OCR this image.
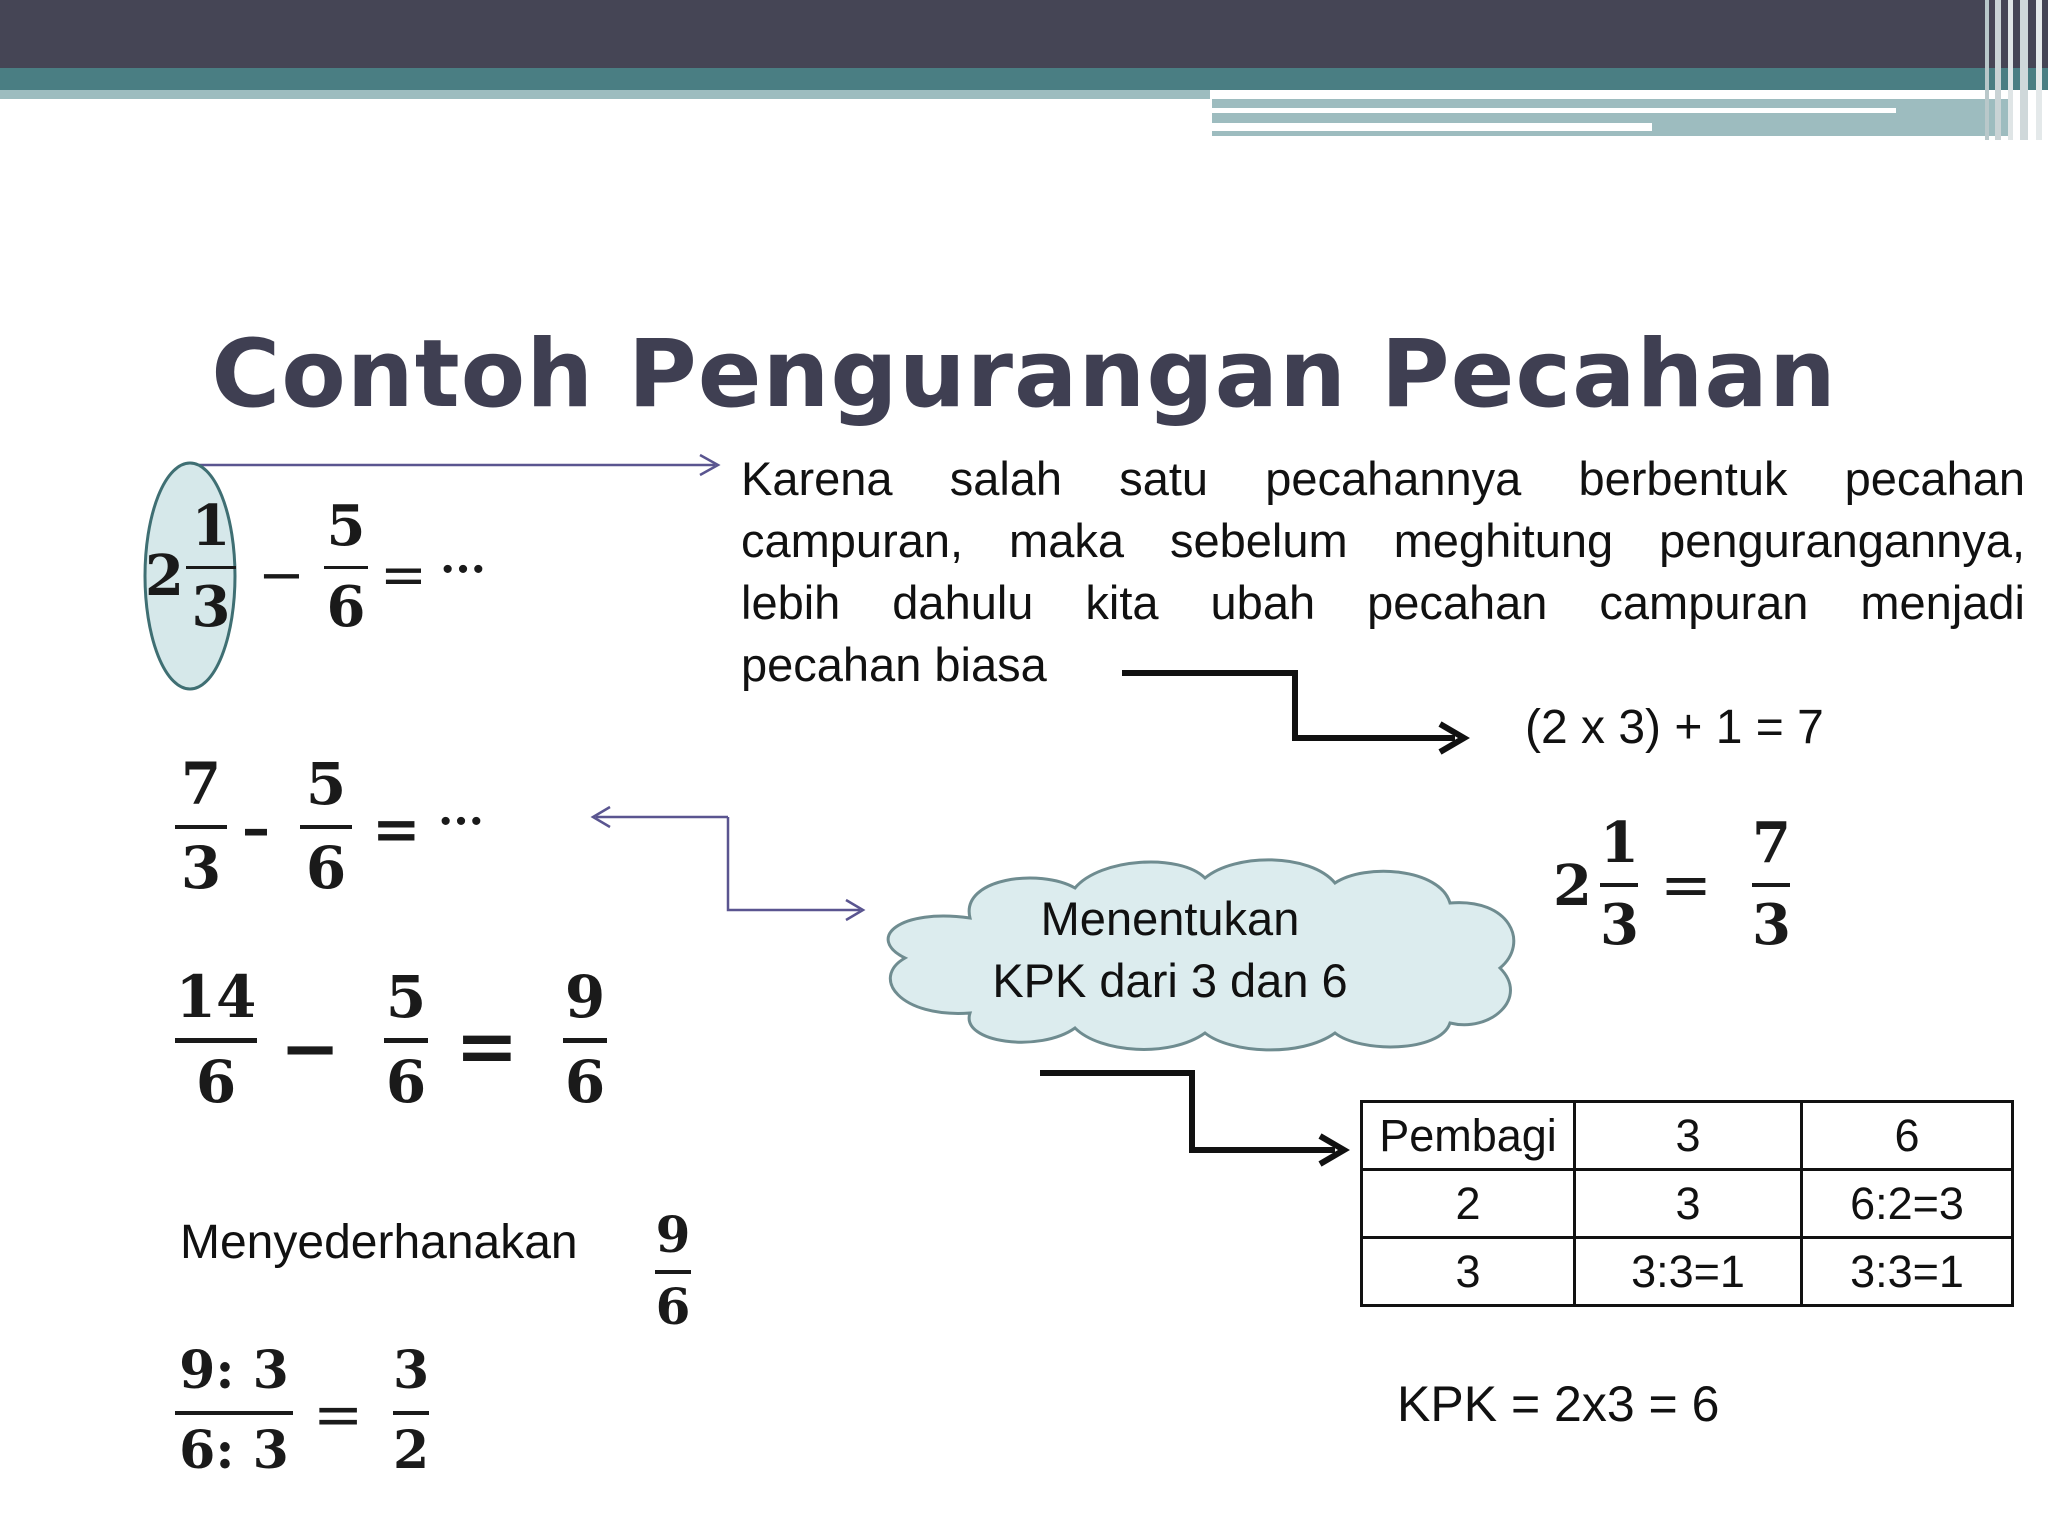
Contoh Pengurangan Pecahan
Menentukan
KPK dari 3 dan 6
Karena salah satu pecahannya berbentuk pecahan
campuran, maka sebelum meghitung pengurangannya,
lebih dahulu kita ubah pecahan campuran menjadi
pecahan biasa
(2 x 3) + 1 = 7
2
1
3 −
5
6 = ···
7
3
–
5
6
= ···
14
6 −
5
6 =
9
6
2
1
3
=
7
3
Menyederhanakan 9
6
9: 3
6: 3
=
3
2
Pembagi	3	6
2	3	6:2=3
3	3:3=1	3:3=1
KPK = 2x3 = 6
